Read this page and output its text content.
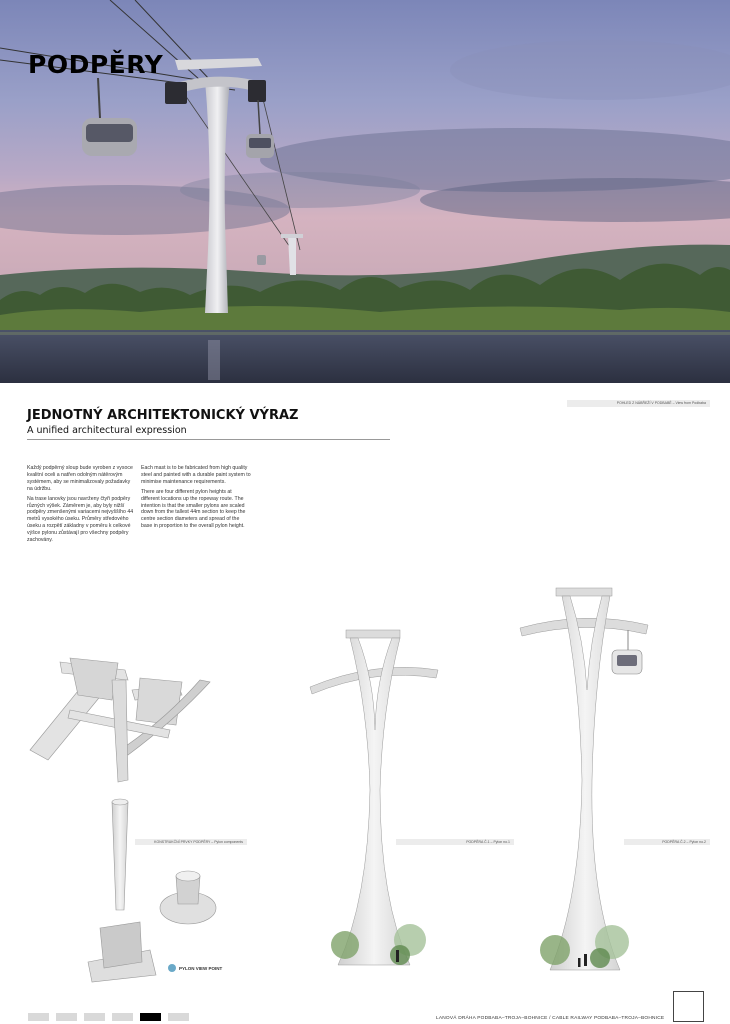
PODPĚRY
POHLED Z NÁBŘEŽÍ V PODBABĚ – View from Podbaba
JEDNOTNÝ ARCHITEKTONICKÝ VÝRAZ
A unified architectural expression

Každý podpěrný sloup bude vyroben z vysoce kvalitní oceli a natřen odolným nátěrovým systémem, aby se minimalizovaly požadavky na údržbu.

Na trase lanovky jsou navrženy čtyři podpěry různých výšek. Záměrem je, aby byly nižší podpěry zmenšenými variacemi nejvyššího 44 metrů vysokého úseku. Průměry středového úseku a rozpětí základny v poměru k celkové výšce pylonu zůstávají pro všechny podpěry zachovány.

Each mast is to be fabricated from high quality steel and painted with a durable paint system to minimise maintenance requirements.

There are four different pylon heights at different locations up the ropeway route. The intention is that the smaller pylons are scaled down from the tallest 44m section to keep the centre section diameters and spread of the base in proportion to the overall pylon height.

KONSTRUKČNÍ PRVKY PODPĚRY – Pylon components	PODPĚRA Č.1 – Pylon no.1	PODPĚRA Č.2 – Pylon no.2
PYLON VIEW POINT
LANOVÁ DRÁHA PODBABA–TROJA–BOHNICE / CABLE RAILWAY PODBABA–TROJA–BOHNICE
